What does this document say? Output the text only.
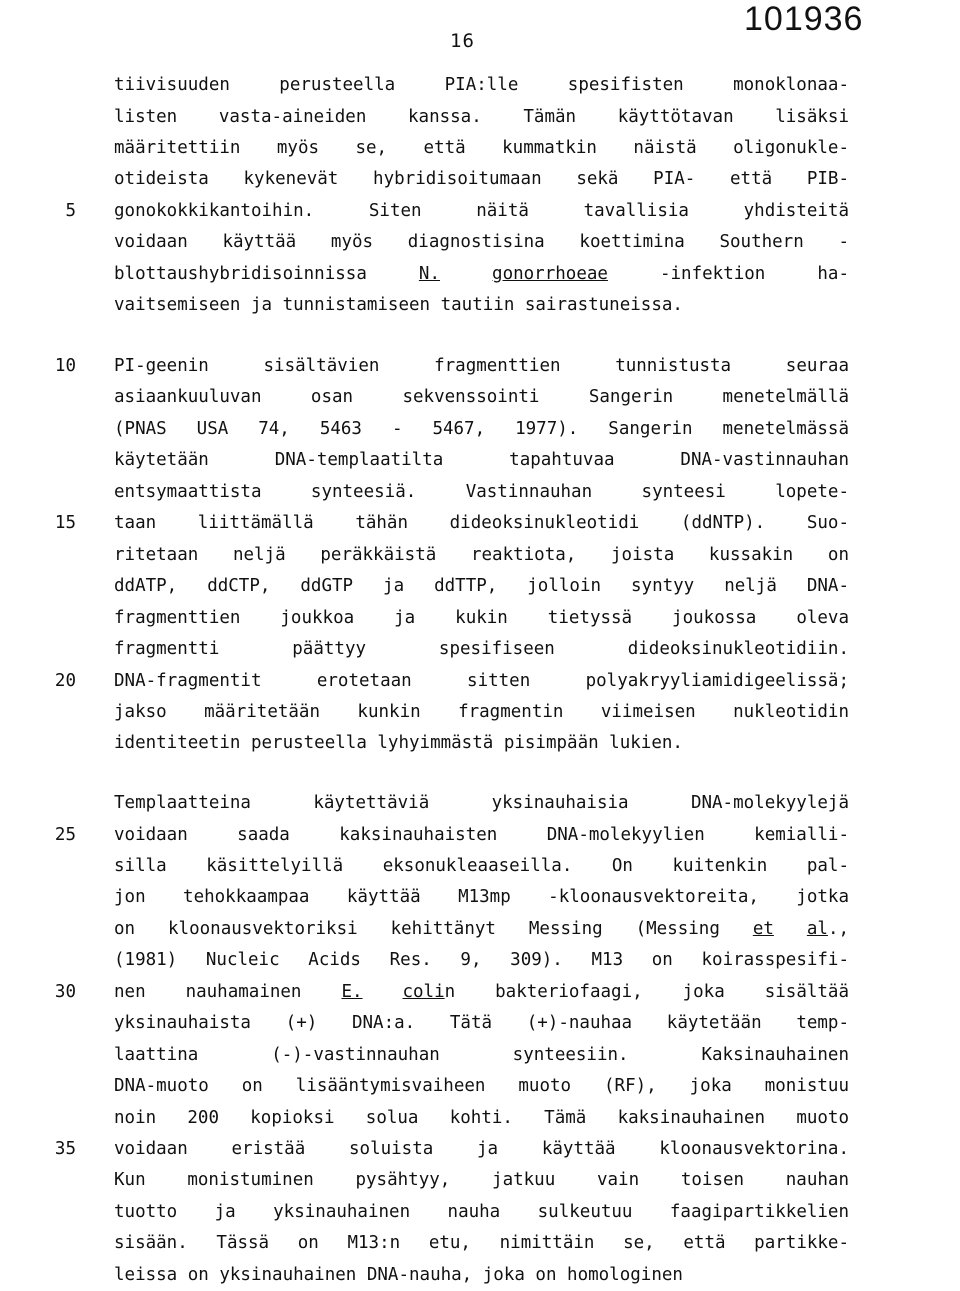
16
101936
tiivisuuden perusteella PIA:lle spesifisten monoklonaa-
listen vasta-aineiden kanssa. Tämän käyttötavan lisäksi
määritettiin myös se, että kummatkin näistä oligonukle-
otideista kykenevät hybridisoitumaan sekä PIA- että PIB-
gonokokkikantoihin. Siten näitä tavallisia yhdisteitä
voidaan käyttää myös diagnostisina koettimina Southern -
blottaushybridisoinnissa N.	gonorrhoeae -infektion ha-
vaitsemiseen ja tunnistamiseen tautiin sairastuneissa.
PI-geenin sisältävien fragmenttien tunnistusta seuraa
asiaankuuluvan osan sekvenssointi Sangerin menetelmällä
(PNAS USA 74, 5463 - 5467, 1977). Sangerin menetelmässä
käytetään DNA-templaatilta tapahtuvaa DNA-vastinnauhan
entsymaattista synteesiä. Vastinnauhan synteesi lopete-
taan liittämällä tähän dideoksinukleotidi (ddNTP). Suo-
ritetaan neljä peräkkäistä reaktiota, joista kussakin on
ddATP, ddCTP, ddGTP ja ddTTP, jolloin syntyy neljä DNA-
fragmenttien joukkoa ja kukin tietyssä joukossa oleva
fragmentti päättyy spesifiseen dideoksinukleotidiin.
DNA-fragmentit erotetaan sitten polyakryyliamidigeelissä;
jakso määritetään kunkin fragmentin viimeisen nukleotidin
identiteetin perusteella lyhyimmästä pisimpään lukien.
Templaatteina käytettäviä yksinauhaisia DNA-molekyylejä
voidaan saada kaksinauhaisten DNA-molekyylien kemialli-
silla käsittelyillä eksonukleaaseilla. On kuitenkin pal-
jon tehokkaampaa käyttää M13mp -kloonausvektoreita, jotka
on kloonausvektoriksi kehittänyt Messing (Messing et al.,
(1981) Nucleic Acids Res. 9, 309). M13 on koirasspesifi-
nen nauhamainen E. colin bakteriofaagi, joka sisältää
yksinauhaista (+) DNA:a. Tätä (+)-nauhaa käytetään temp-
laattina (-)-vastinnauhan synteesiin. Kaksinauhainen
DNA-muoto on lisääntymisvaiheen muoto (RF), joka monistuu
noin 200 kopioksi solua kohti. Tämä kaksinauhainen muoto
voidaan eristää soluista ja käyttää kloonausvektorina.
Kun monistuminen pysähtyy, jatkuu vain toisen nauhan
tuotto ja yksinauhainen nauha sulkeutuu faagipartikkelien
sisään. Tässä on M13:n etu, nimittäin se, että partikke-
leissa on yksinauhainen DNA-nauha, joka on homologinen
5
10
15
20
25
30
35
